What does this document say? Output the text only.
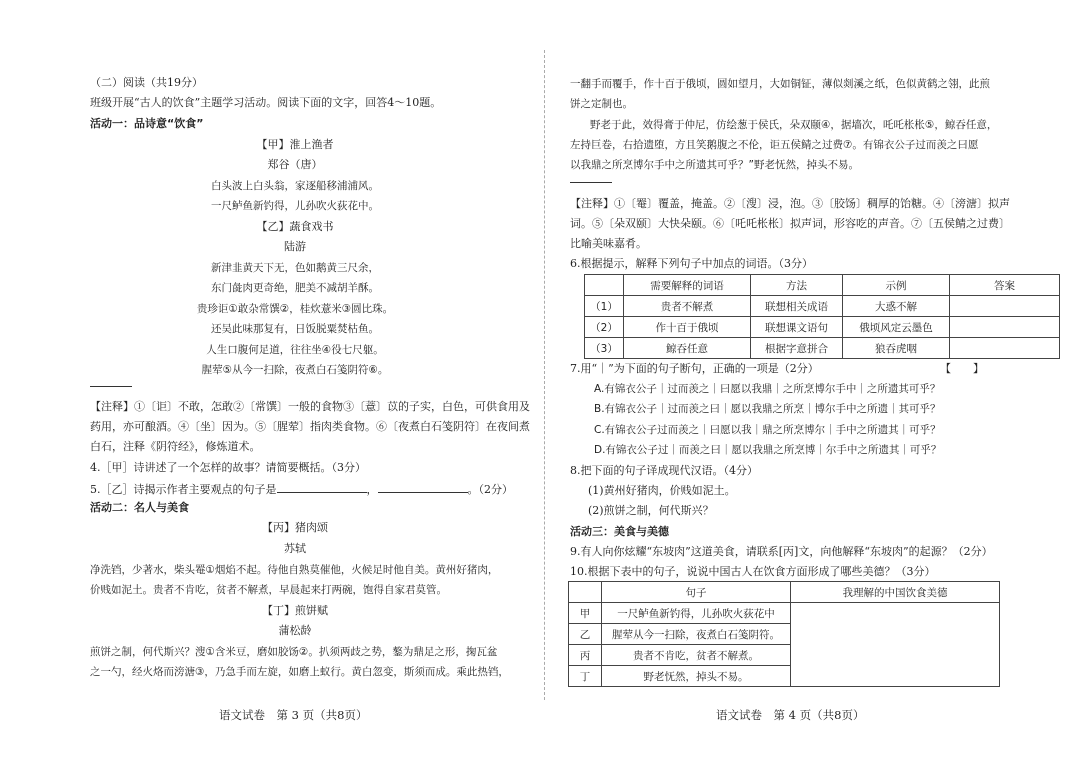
（二）阅读（共19分）
班级开展“古人的饮食”主题学习活动。阅读下面的文字，回答4～10题。
活动一：品诗意“饮食”
【甲】淮上渔者
郑谷（唐）
白头波上白头翁，家逐船移浦浦风。
一尺鲈鱼新钓得，儿孙吹火荻花中。
【乙】蔬食戏书
陆游
新津韭黄天下无，色如鹅黄三尺余，
东门彘肉更奇绝，肥美不减胡羊酥。
贵珍讵①敢杂常馔②，桂炊薏米③圆比珠。
还吴此味那复有，日饭脱粟焚枯鱼。
人生口腹何足道，往往坐④役七尺躯。
腥荤⑤从今一扫除，夜煮白石笺阴符⑥。
【注释】①〔讵〕不敢，怎敢②〔常馔〕一般的食物③〔薏〕苡的子实，白色，可供食用及
药用，亦可酿酒。④〔坐〕因为。⑤〔腥荤〕指肉类食物。⑥〔夜煮白石笺阴符〕在夜间煮
白石，注释《阴符经》，修炼道术。
4.［甲］诗讲述了一个怎样的故事？请简要概括。（3分）
5.［乙］诗揭示作者主要观点的句子是	，	。（2分）
活动二：名人与美食
【丙】猪肉颂
苏轼
净洗铛，少著水，柴头罨①烟焰不起。待他自熟莫催他，火候足时他自美。黄州好猪肉，
价贱如泥土。贵者不肯吃，贫者不解煮，早晨起来打两碗，饱得自家君莫管。
【丁】煎饼赋
蒲松龄
煎饼之制，何代斯兴？溲①含米豆，磨如胶饧②。扒须两歧之势，鏊为鼎足之形，掬瓦盆
之一勺，经火烙而滂溏③，乃急手而左旋，如磨上蚁行。黄白忽变，斯须而成。乘此热铛，
语文试卷　第 3 页（共8页）
一翻手而覆手，作十百于俄顷，圆如望月，大如铜钲，薄似剡溪之纸，色似黄鹤之翎，此煎
饼之定制也。
野老于此，效得膏于仲尼，仿绘葱于侯氏，朵双颐④，据墙次，吒吒枨枨⑤，鲸吞任意，
左持巨卷，右拾遗堕，方且笑鹅腹之不伦，讵五侯鲭之过费⑦。有锦衣公子过而羡之曰愿
以我鼎之所烹博尔手中之所遗其可乎？”野老怃然，掉头不易。
【注释】①〔罨〕覆盖，掩盖。②〔溲〕浸，泡。③〔胶饧〕稠厚的饴糖。④〔滂溏〕拟声
词。⑤〔朵双颐〕大快朵颐。⑥〔吒吒枨枨〕拟声词，形容吃的声音。⑦〔五侯鲭之过费〕
比喻美味嘉肴。
6.根据提示，解释下列句子中加点的词语。（3分）
	需要解释的词语	方法	示例	答案
（1）	贵者不解煮	联想相关成语	大惑不解	
（2）	作十百于俄顷	联想课文语句	俄顷风定云墨色	
（3）	鲸吞任意	根据字意拼合	狼吞虎咽	
7.用“｜”为下面的句子断句，正确的一项是（2分）	【　　】
A.有锦衣公子｜过而羡之｜曰愿以我鼎｜之所烹博尔手中｜之所遗其可乎？
B.有锦衣公子｜过而羡之曰｜愿以我鼎之所烹｜博尔手中之所遗｜其可乎？
C.有锦衣公子过而羡之｜曰愿以我｜鼎之所烹博尔｜手中之所遗其｜可乎？
D.有锦衣公子过｜而羡之曰｜愿以我鼎之所烹博｜尔手中之所遗其｜可乎？
8.把下面的句子译成现代汉语。（4分）
(1)黄州好猪肉，价贱如泥土。
(2)煎饼之制，何代斯兴？
活动三：美食与美德
9.有人向你炫耀“东坡肉”这道美食，请联系[丙]文，向他解释“东坡肉”的起源？（2分）
10.根据下表中的句子，说说中国古人在饮食方面形成了哪些美德？（3分）
	句子	我理解的中国饮食美德
甲	一尺鲈鱼新钓得，儿孙吹火荻花中	
乙	腥荤从今一扫除，夜煮白石笺阴符。	
丙	贵者不肯吃，贫者不解煮。	
丁	野老怃然，掉头不易。	
语文试卷　第 4 页（共8页）
